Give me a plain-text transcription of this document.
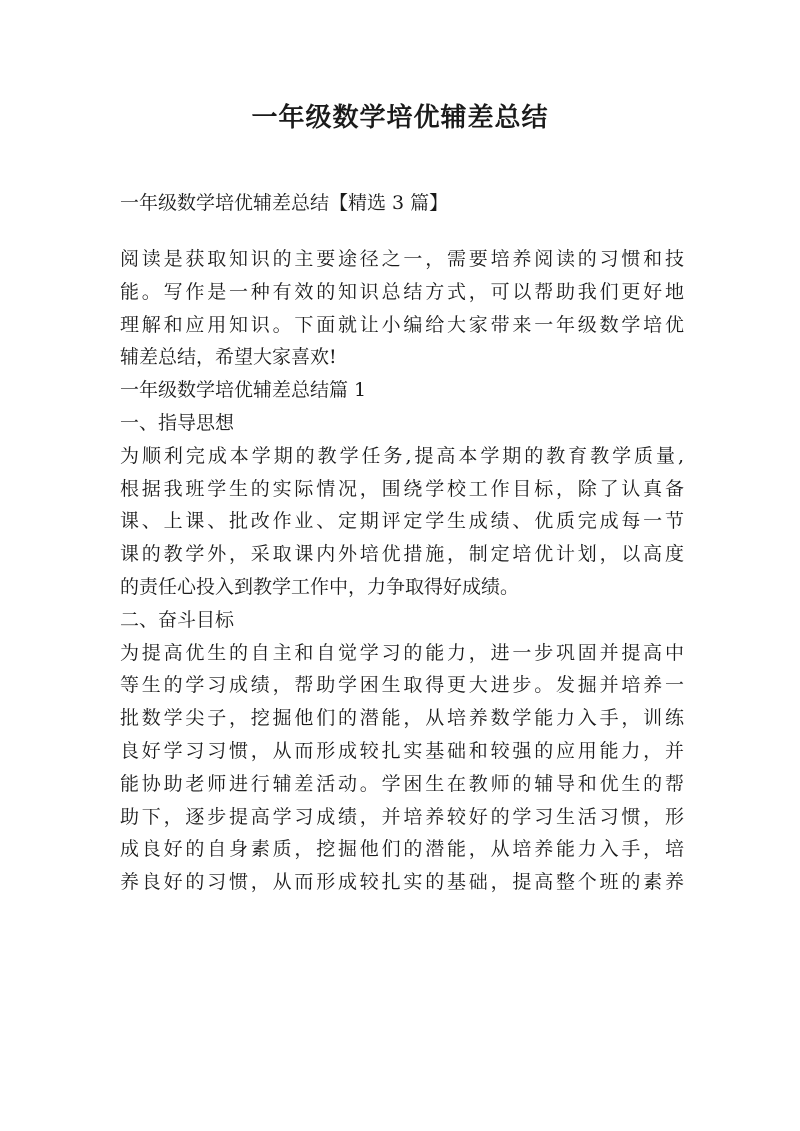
一年级数学培优辅差总结

一年级数学培优辅差总结【精选 3 篇】

阅读是获取知识的主要途径之一，需要培养阅读的习惯和技
能。写作是一种有效的知识总结方式，可以帮助我们更好地
理解和应用知识。下面就让小编给大家带来一年级数学培优
辅差总结，希望大家喜欢!
一年级数学培优辅差总结篇 1
一、指导思想
为顺利完成本学期的教学任务,提高本学期的教育教学质量,
根据我班学生的实际情况，围绕学校工作目标，除了认真备
课、上课、批改作业、定期评定学生成绩、优质完成每一节
课的教学外，采取课内外培优措施，制定培优计划，以高度
的责任心投入到教学工作中，力争取得好成绩。
二、奋斗目标
为提高优生的自主和自觉学习的能力，进一步巩固并提高中
等生的学习成绩，帮助学困生取得更大进步。发掘并培养一
批数学尖子，挖掘他们的潜能，从培养数学能力入手，训练
良好学习习惯，从而形成较扎实基础和较强的应用能力，并
能协助老师进行辅差活动。学困生在教师的辅导和优生的帮
助下，逐步提高学习成绩，并培养较好的学习生活习惯，形
成良好的自身素质，挖掘他们的潜能，从培养能力入手，培
养良好的习惯，从而形成较扎实的基础，提高整个班的素养
